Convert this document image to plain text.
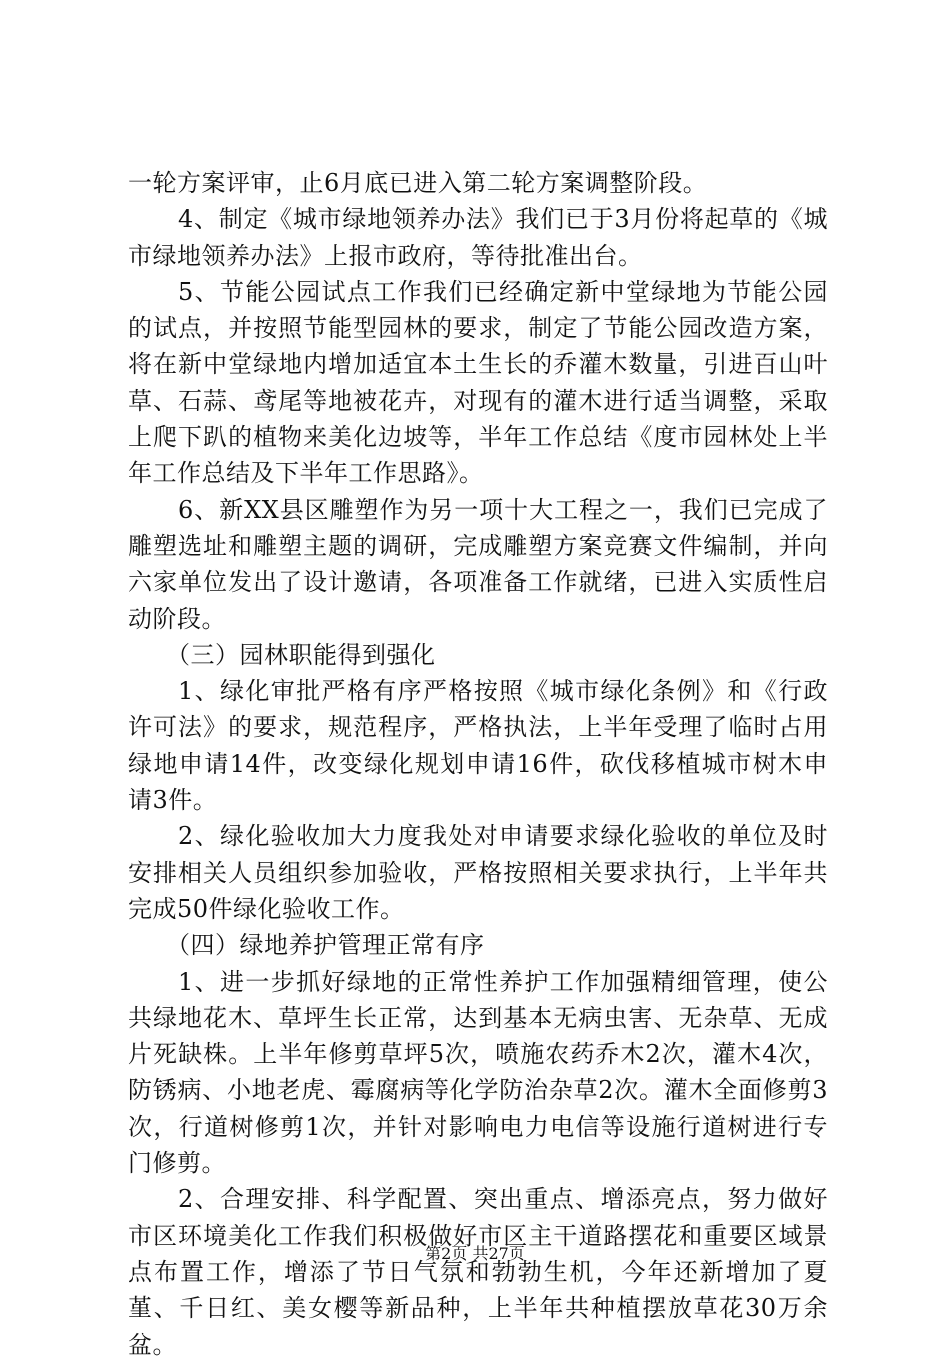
一轮方案评审，止6月底已进入第二轮方案调整阶段。

4、制定《城市绿地领养办法》我们已于3月份将起草的《城市绿地领养办法》上报市政府，等待批准出台。

5、节能公园试点工作我们已经确定新中堂绿地为节能公园的试点，并按照节能型园林的要求，制定了节能公园改造方案，将在新中堂绿地内增加适宜本土生长的乔灌木数量，引进百山叶草、石蒜、鸢尾等地被花卉，对现有的灌木进行适当调整，采取上爬下趴的植物来美化边坡等，半年工作总结《度市园林处上半年工作总结及下半年工作思路》。

6、新XX县区雕塑作为另一项十大工程之一，我们已完成了雕塑选址和雕塑主题的调研，完成雕塑方案竞赛文件编制，并向六家单位发出了设计邀请，各项准备工作就绪，已进入实质性启动阶段。

（三）园林职能得到强化

1、绿化审批严格有序严格按照《城市绿化条例》和《行政许可法》的要求，规范程序，严格执法，上半年受理了临时占用绿地申请14件，改变绿化规划申请16件，砍伐移植城市树木申请3件。

2、绿化验收加大力度我处对申请要求绿化验收的单位及时安排相关人员组织参加验收，严格按照相关要求执行，上半年共完成50件绿化验收工作。

（四）绿地养护管理正常有序

1、进一步抓好绿地的正常性养护工作加强精细管理，使公共绿地花木、草坪生长正常，达到基本无病虫害、无杂草、无成片死缺株。上半年修剪草坪5次，喷施农药乔木2次，灌木4次，防锈病、小地老虎、霉腐病等化学防治杂草2次。灌木全面修剪3次，行道树修剪1次，并针对影响电力电信等设施行道树进行专门修剪。

2、合理安排、科学配置、突出重点、增添亮点，努力做好市区环境美化工作我们积极做好市区主干道路摆花和重要区域景点布置工作，增添了节日气氛和勃勃生机，今年还新增加了夏堇、千日红、美女樱等新品种，上半年共种植摆放草花30万余盆。

第2页 共27页
